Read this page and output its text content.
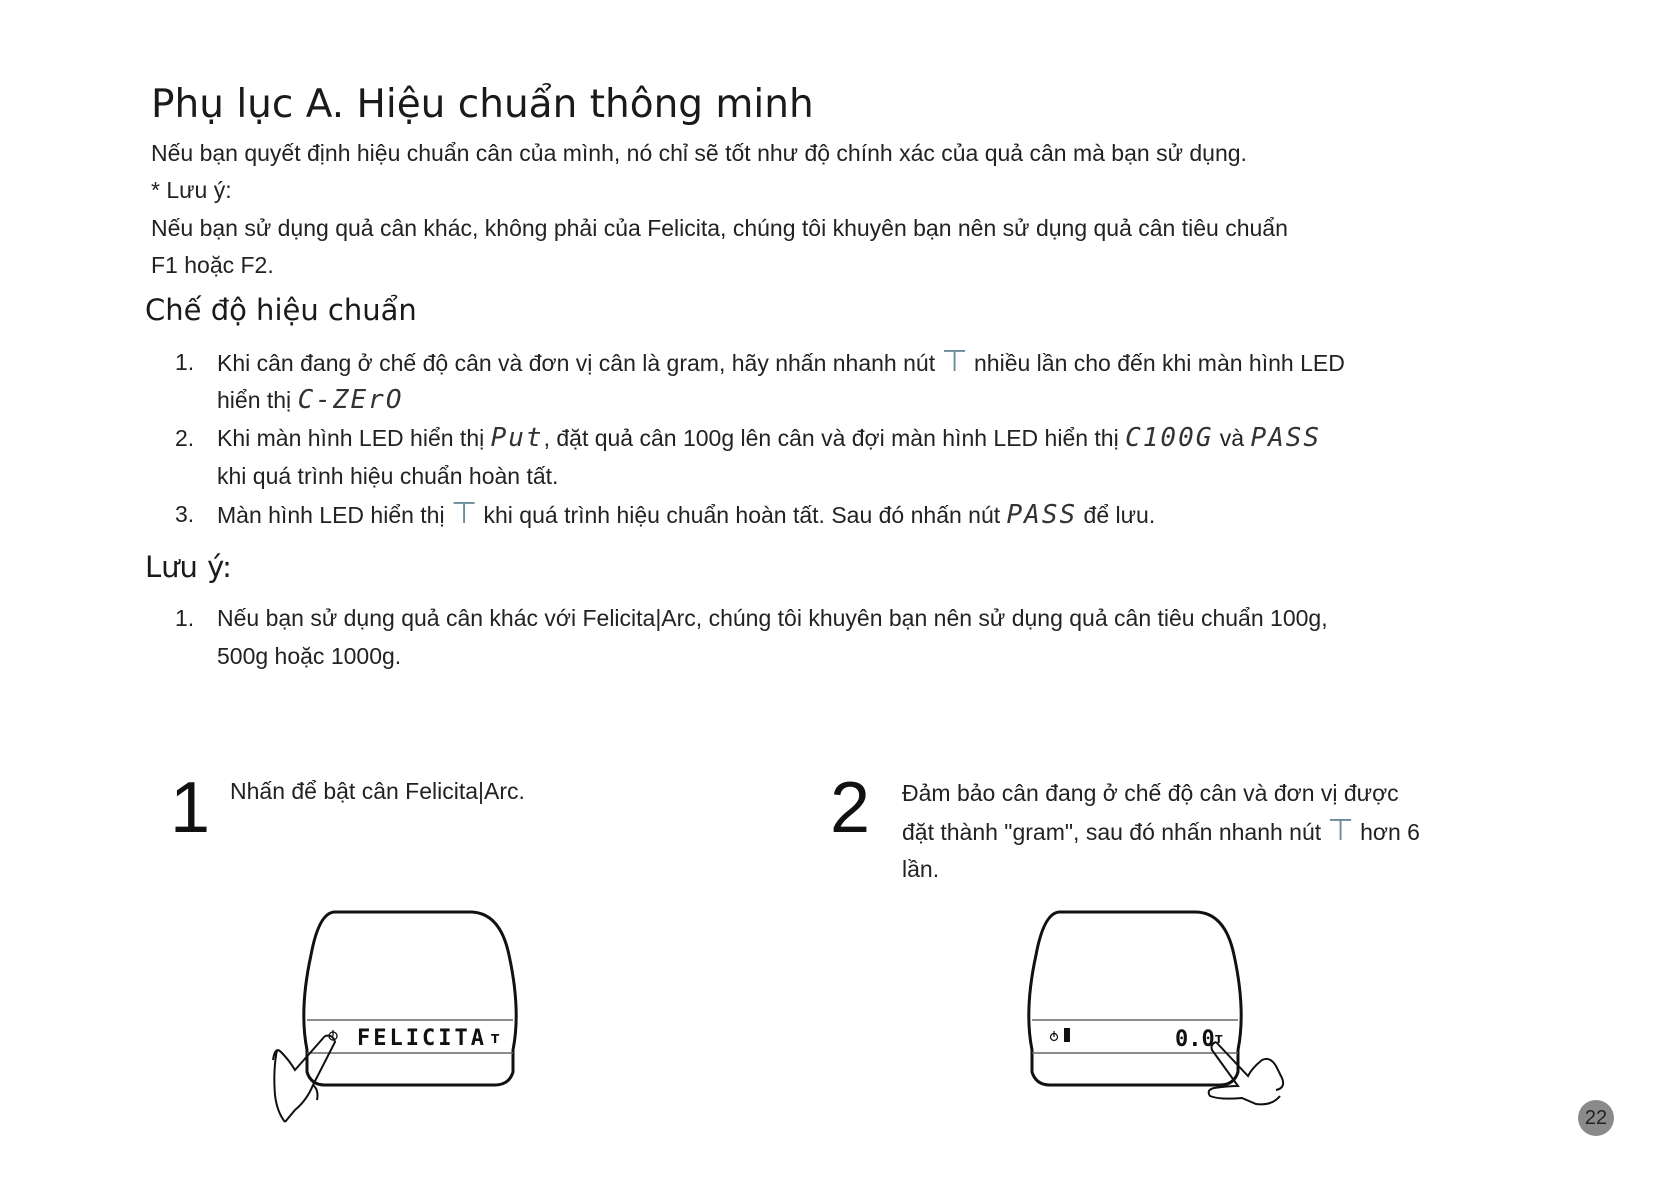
Phụ lục A. Hiệu chuẩn thông minh
Nếu bạn quyết định hiệu chuẩn cân của mình, nó chỉ sẽ tốt như độ chính xác của quả cân mà bạn sử dụng.
* Lưu ý:
Nếu bạn sử dụng quả cân khác, không phải của Felicita, chúng tôi khuyên bạn nên sử dụng quả cân tiêu chuẩn
F1 hoặc F2.
Chế độ hiệu chuẩn
1. Khi cân đang ở chế độ cân và đơn vị cân là gram, hãy nhấn nhanh nút ⊤ nhiều lần cho đến khi màn hình LED
hiển thị C-ZErO
2. Khi màn hình LED hiển thị Put, đặt quả cân 100g lên cân và đợi màn hình LED hiển thị C100G và PASS
khi quá trình hiệu chuẩn hoàn tất.
3. Màn hình LED hiển thị ⊤ khi quá trình hiệu chuẩn hoàn tất. Sau đó nhấn nút PASS để lưu.
Lưu ý:
1. Nếu bạn sử dụng quả cân khác với Felicita|Arc, chúng tôi khuyên bạn nên sử dụng quả cân tiêu chuẩn 100g,
500g hoặc 1000g.
1 Nhấn để bật cân Felicita|Arc.
FELICITA T
2 Đảm bảo cân đang ở chế độ cân và đơn vị được
đặt thành "gram", sau đó nhấn nhanh nút ⊤ hơn 6
lần.
0.0 T
22
